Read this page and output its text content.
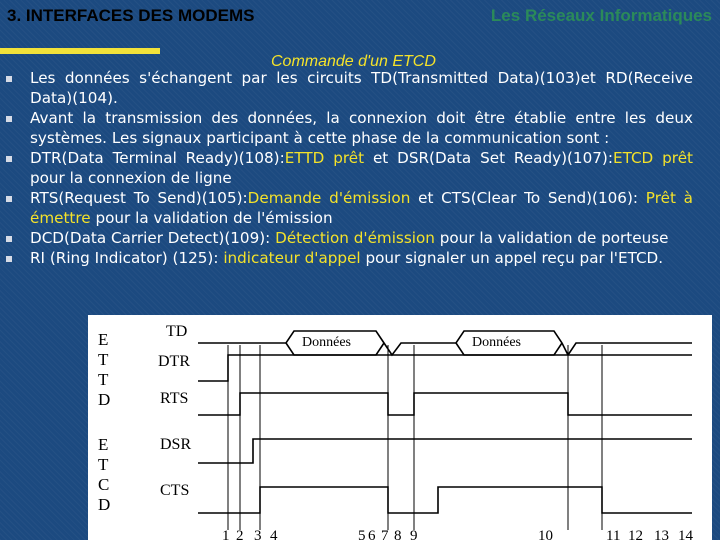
3. INTERFACES DES MODEMS	Les Réseaux Informatiques
Commande d'un ETCD
Les données s'échangent par les circuits TD(Transmitted Data)(103)et RD(Receive Data)(104).
Avant la transmission des données, la connexion doit être établie entre les deux systèmes. Les signaux participant à cette phase de la communication sont :
DTR(Data Terminal Ready)(108):ETTD prêt et DSR(Data Set Ready)(107):ETCD prêt pour la connexion de ligne
RTS(Request To Send)(105):Demande d'émission et CTS(Clear To Send)(106): Prêt à émettre pour la validation de l'émission
DCD(Data Carrier Detect)(109): Détection d'émission pour la validation de porteuse
RI (Ring Indicator) (125): indicateur d'appel pour signaler un appel reçu par l'ETCD.
E
T
T
D
E
T
C
D
TD
DTR
RTS
DSR
CTS
Données	Données
1 2 3 4	5 6 7 8 9	10	11 12 13 14
